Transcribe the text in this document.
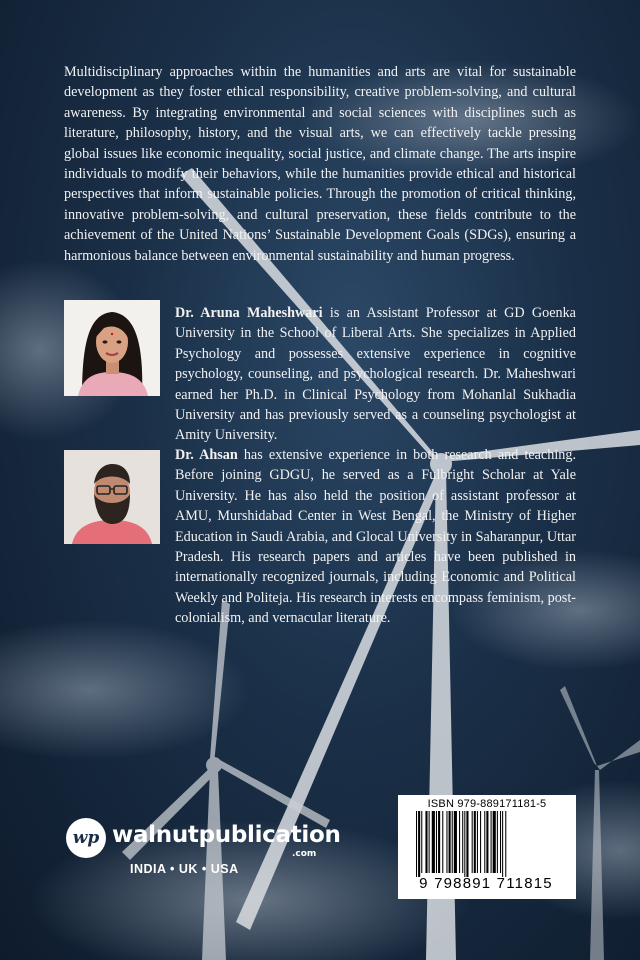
Multidisciplinary approaches within the humanities and arts are vital for sustainable development as they foster ethical responsibility, creative problem-solving, and cultural awareness. By integrating environmental and social sciences with disciplines such as literature, philosophy, history, and the visual arts, we can effectively tackle pressing global issues like economic inequality, social justice, and climate change. The arts inspire individuals to modify their behaviors, while the humanities provide ethical and historical perspectives that inform sustainable policies. Through the promotion of critical thinking, innovative problem-solving, and cultural preservation, these fields contribute to the achievement of the United Nations’ Sustainable Development Goals (SDGs), ensuring a harmonious balance between environmental sustainability and human progress.

Dr. Aruna Maheshwari is an Assistant Professor at GD Goenka University in the School of Liberal Arts. She specializes in Applied Psychology and possesses extensive experience in cognitive psychology, counseling, and psychological research. Dr. Maheshwari earned her Ph.D. in Clinical Psychology from Mohanlal Sukhadia University and has previously served as a counseling psychologist at Amity University.

Dr. Ahsan has extensive experience in both research and teaching. Before joining GDGU, he served as a Fulbright Scholar at Yale University. He has also held the position of assistant professor at AMU, Murshidabad Center in West Bengal, the Ministry of Higher Education in Saudi Arabia, and Glocal University in Saharanpur, Uttar Pradesh. His research papers and articles have been published in internationally recognized journals, including Economic and Political Weekly and Politeja. His research interests encompass feminism, post-colonialism, and vernacular literature.

wp walnutpublication
.com
INDIA • UK • USA
ISBN 979-889171181-5
9 798891 711815
